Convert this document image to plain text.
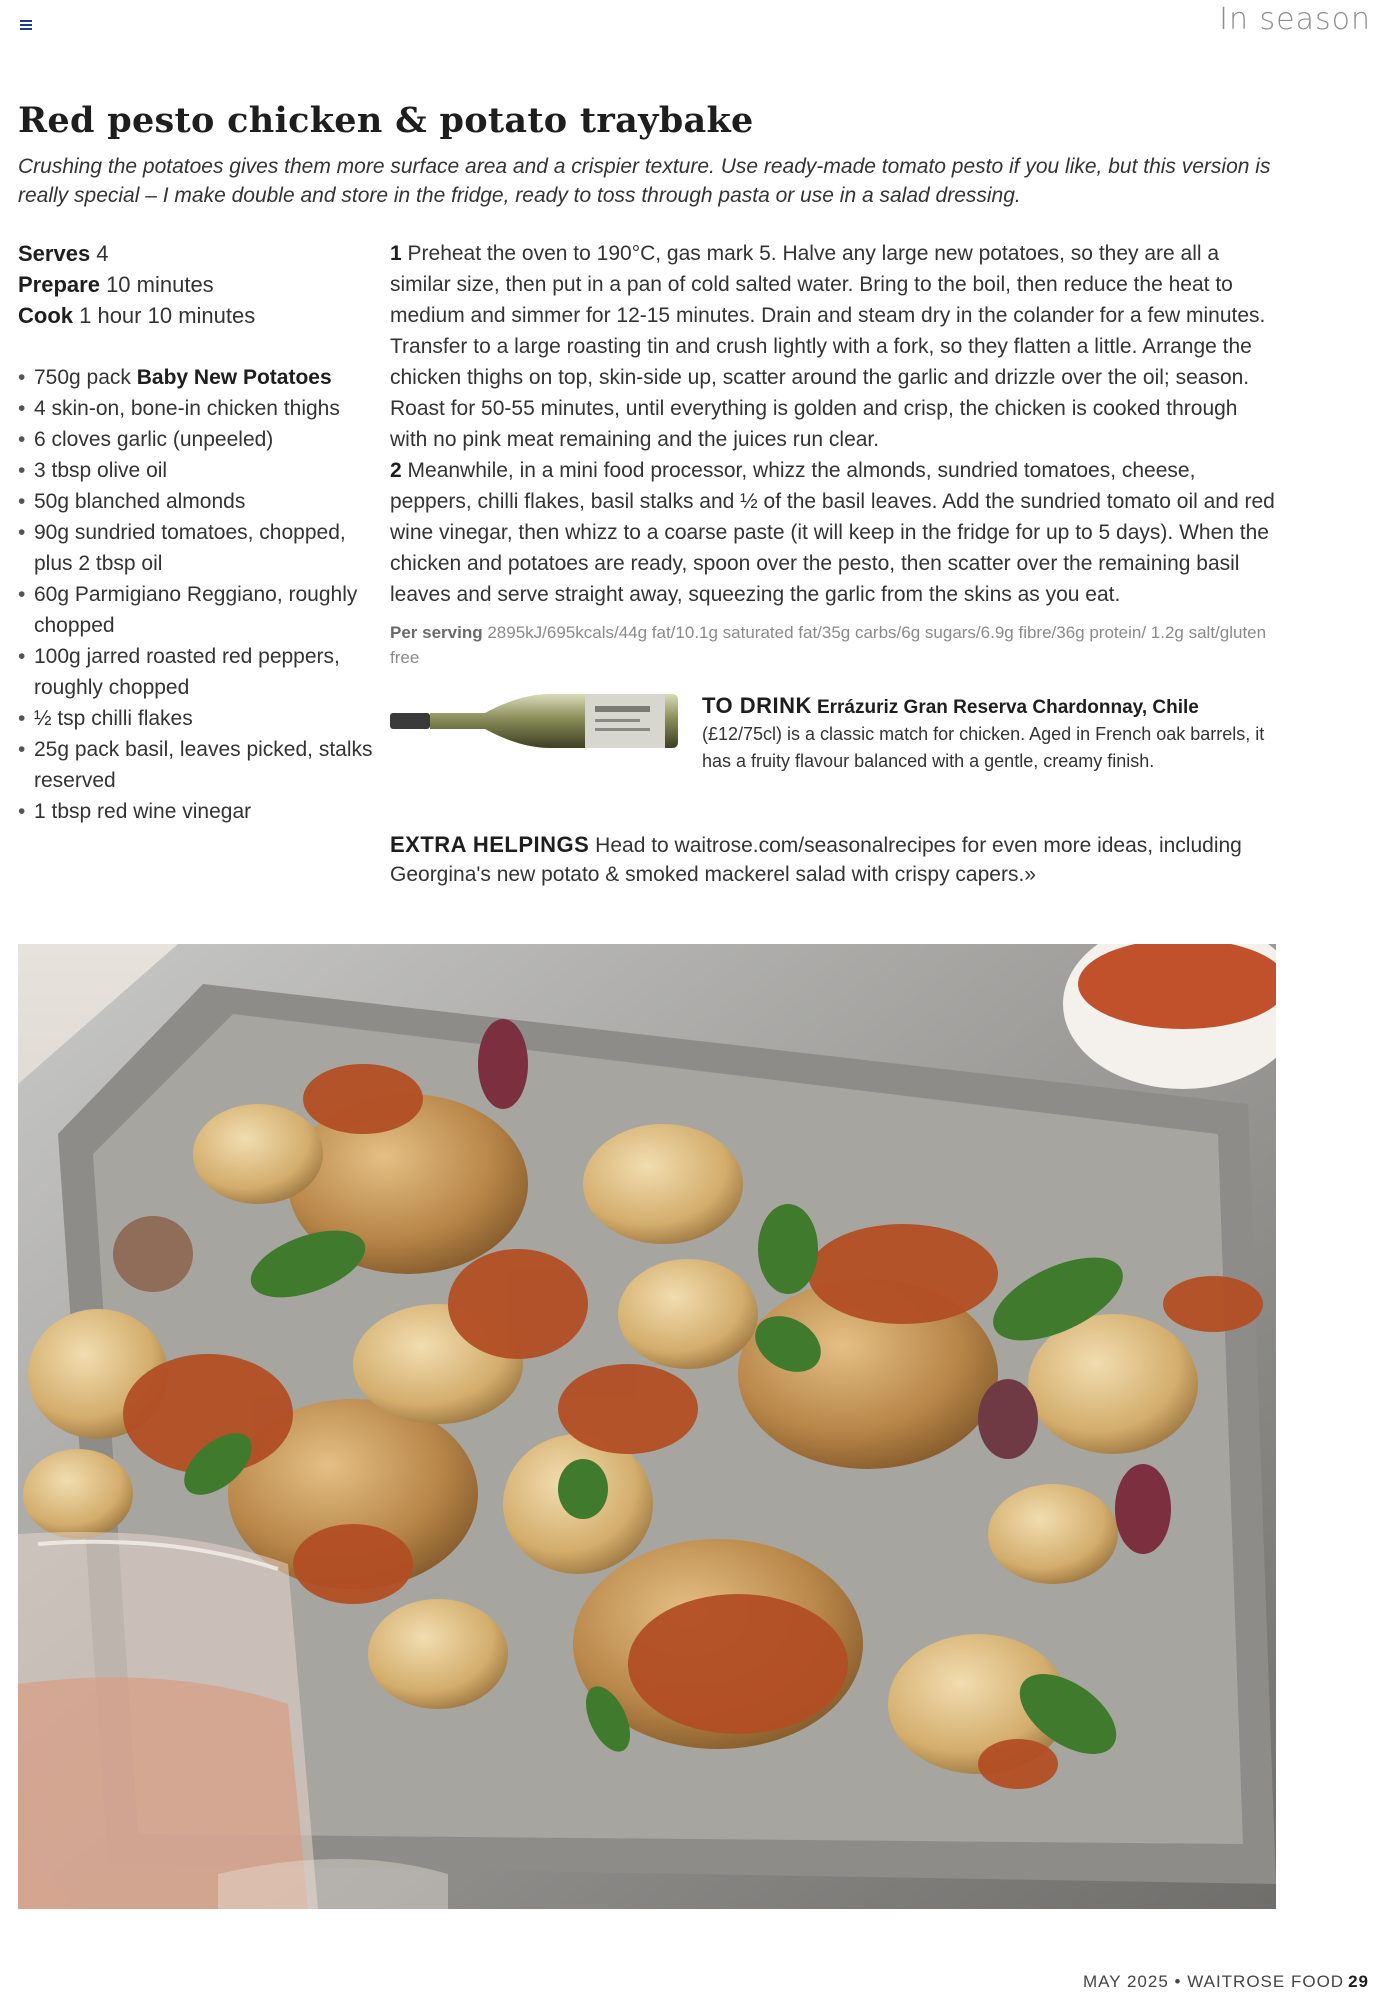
In season
Red pesto chicken & potato traybake

Crushing the potatoes gives them more surface area and a crispier texture. Use ready-made tomato pesto if you like, but this version is really special – I make double and store in the fridge, ready to toss through pasta or use in a salad dressing.

Serves 4
Prepare 10 minutes
Cook 1 hour 10 minutes
• 750g pack Baby New Potatoes
• 4 skin-on, bone-in chicken thighs
• 6 cloves garlic (unpeeled)
• 3 tbsp olive oil
• 50g blanched almonds
• 90g sundried tomatoes, chopped, plus 2 tbsp oil
• 60g Parmigiano Reggiano, roughly chopped
• 100g jarred roasted red peppers, roughly chopped
• ½ tsp chilli flakes
• 25g pack basil, leaves picked, stalks reserved
• 1 tbsp red wine vinegar

1 Preheat the oven to 190°C, gas mark 5. Halve any large new potatoes, so they are all a similar size, then put in a pan of cold salted water. Bring to the boil, then reduce the heat to medium and simmer for 12-15 minutes. Drain and steam dry in the colander for a few minutes. Transfer to a large roasting tin and crush lightly with a fork, so they flatten a little. Arrange the chicken thighs on top, skin-side up, scatter around the garlic and drizzle over the oil; season. Roast for 50-55 minutes, until everything is golden and crisp, the chicken is cooked through with no pink meat remaining and the juices run clear.

2 Meanwhile, in a mini food processor, whizz the almonds, sundried tomatoes, cheese, peppers, chilli flakes, basil stalks and ½ of the basil leaves. Add the sundried tomato oil and red wine vinegar, then whizz to a coarse paste (it will keep in the fridge for up to 5 days). When the chicken and potatoes are ready, spoon over the pesto, then scatter over the remaining basil leaves and serve straight away, squeezing the garlic from the skins as you eat.

Per serving 2895kJ/695kcals/44g fat/10.1g saturated fat/35g carbs/6g sugars/6.9g fibre/36g protein/ 1.2g salt/gluten free
TO DRINK Errázuriz Gran Reserva Chardonnay, Chile
(£12/75cl) is a classic match for chicken. Aged in French oak barrels, it has a fruity flavour balanced with a gentle, creamy finish.
EXTRA HELPINGS Head to waitrose.com/seasonalrecipes for even more ideas, including Georgina's new potato & smoked mackerel salad with crispy capers.»
MAY 2025 • WAITROSE FOOD 29
